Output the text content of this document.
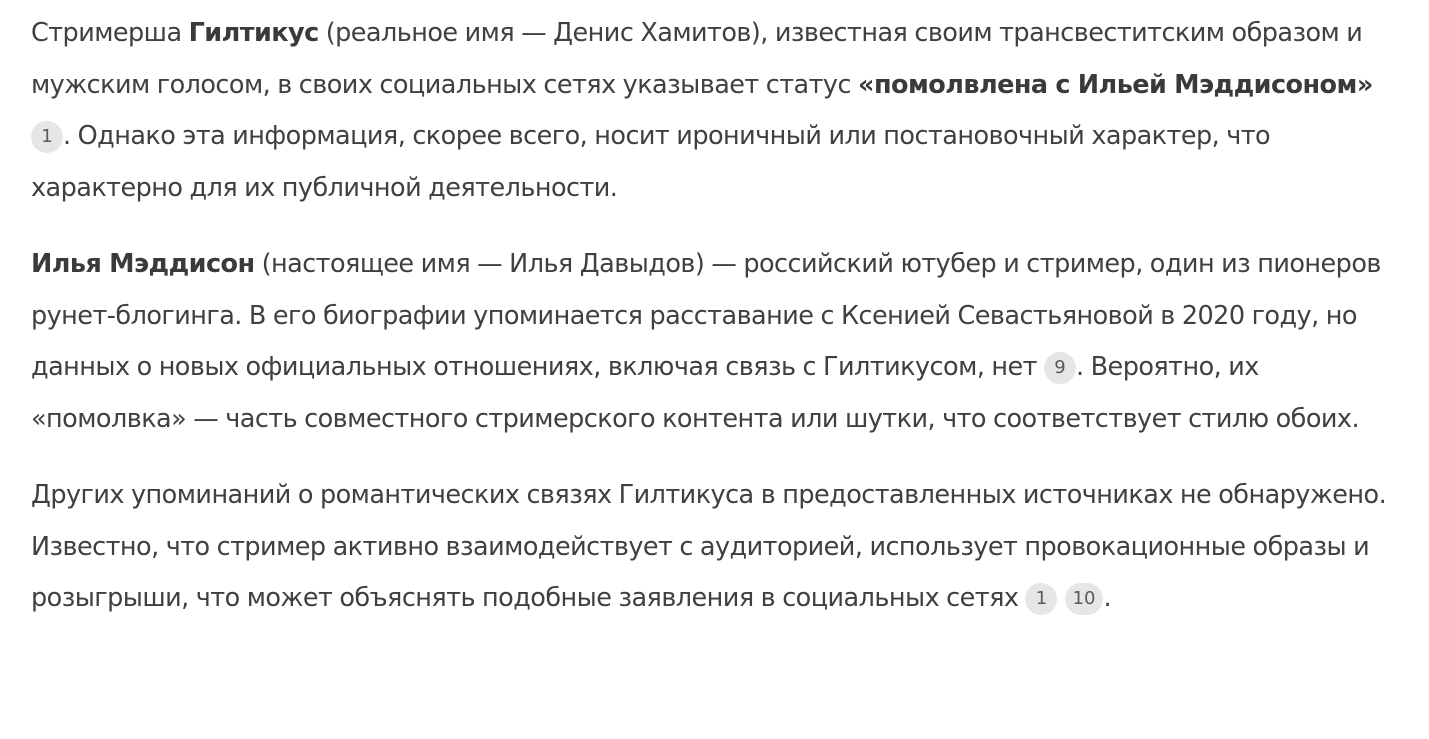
Стримерша Гилтикус (реальное имя — Денис Хамитов), известная своим трансвеститским образом и мужским голосом, в своих социальных сетях указывает статус «помолвлена с Ильей Мэддисоном» 1 . Однако эта информация, скорее всего, носит ироничный или постановочный характер, что характерно для их публичной деятельности.

Илья Мэддисон (настоящее имя — Илья Давыдов) — российский ютубер и стример, один из пионеров рунет-блогинга. В его биографии упоминается расставание с Ксенией Севастьяновой в 2020 году, но данных о новых официальных отношениях, включая связь с Гилтикусом, нет 9 . Вероятно, их «помолвка» — часть совместного стримерского контента или шутки, что соответствует стилю обоих.

Других упоминаний о романтических связях Гилтикуса в предоставленных источниках не обнаружено. Известно, что стример активно взаимодействует с аудиторией, использует провокационные образы и розыгрыши, что может объяснять подобные заявления в социальных сетях 1 10 .
